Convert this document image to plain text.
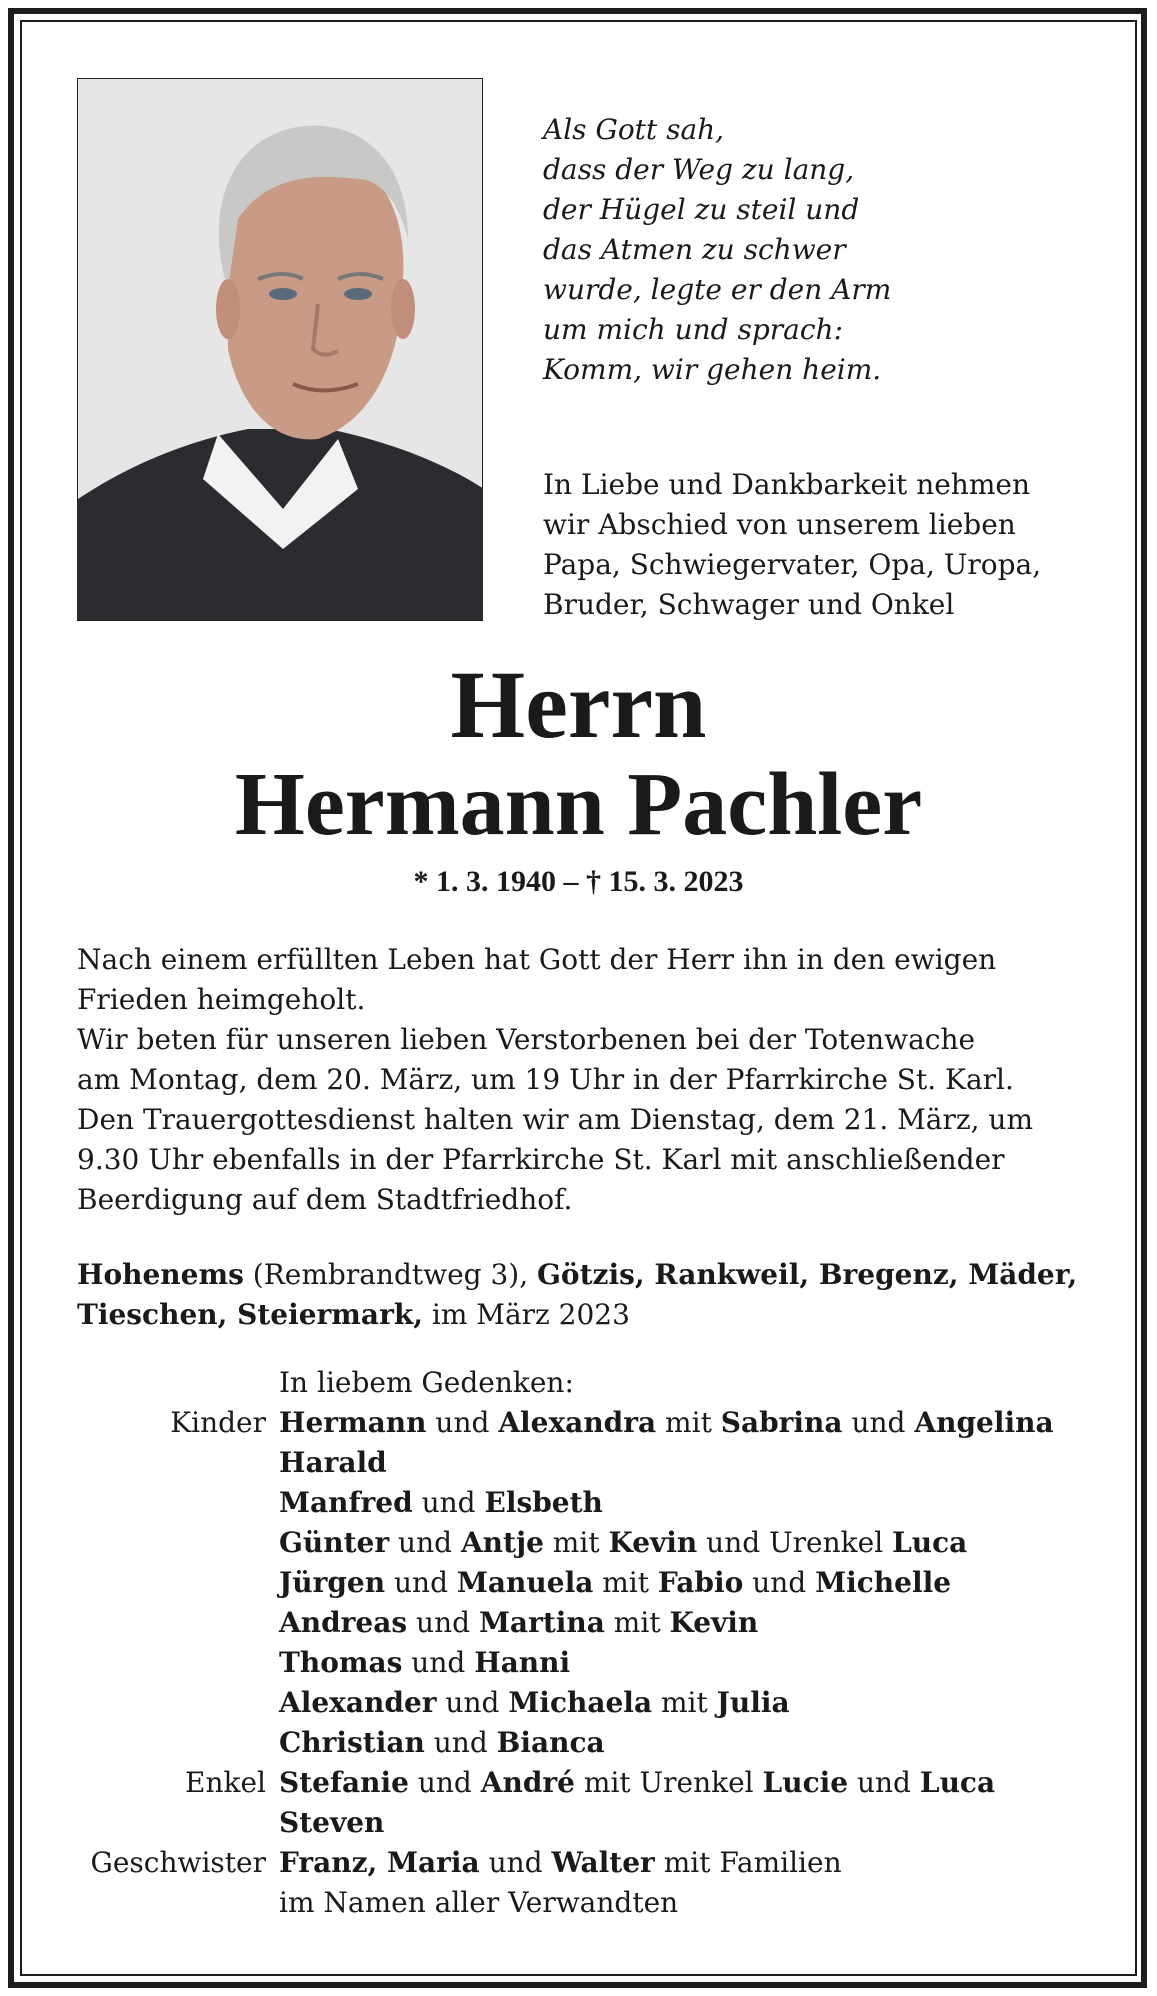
Als Gott sah,
dass der Weg zu lang,
der Hügel zu steil und
das Atmen zu schwer
wurde, legte er den Arm
um mich und sprach:
Komm, wir gehen heim.
In Liebe und Dankbarkeit nehmen
wir Abschied von unserem lieben
Papa, Schwiegervater, Opa, Uropa,
Bruder, Schwager und Onkel
Herrn
Hermann Pachler
* 1. 3. 1940 – † 15. 3. 2023
Nach einem erfüllten Leben hat Gott der Herr ihn in den ewigen
Frieden heimgeholt.
Wir beten für unseren lieben Verstorbenen bei der Totenwache
am Montag, dem 20. März, um 19 Uhr in der Pfarrkirche St. Karl.
Den Trauergottesdienst halten wir am Dienstag, dem 21. März, um
9.30 Uhr ebenfalls in der Pfarrkirche St. Karl mit anschließender
Beerdigung auf dem Stadtfriedhof.
Hohenems (Rembrandtweg 3), Götzis, Rankweil, Bregenz, Mäder,
Tieschen, Steiermark, im März 2023
In liebem Gedenken:
Kinder Hermann und Alexandra mit Sabrina und Angelina
Harald
Manfred und Elsbeth
Günter und Antje mit Kevin und Urenkel Luca
Jürgen und Manuela mit Fabio und Michelle
Andreas und Martina mit Kevin
Thomas und Hanni
Alexander und Michaela mit Julia
Christian und Bianca
Enkel Stefanie und André mit Urenkel Lucie und Luca
Steven
Geschwister Franz, Maria und Walter mit Familien
im Namen aller Verwandten
